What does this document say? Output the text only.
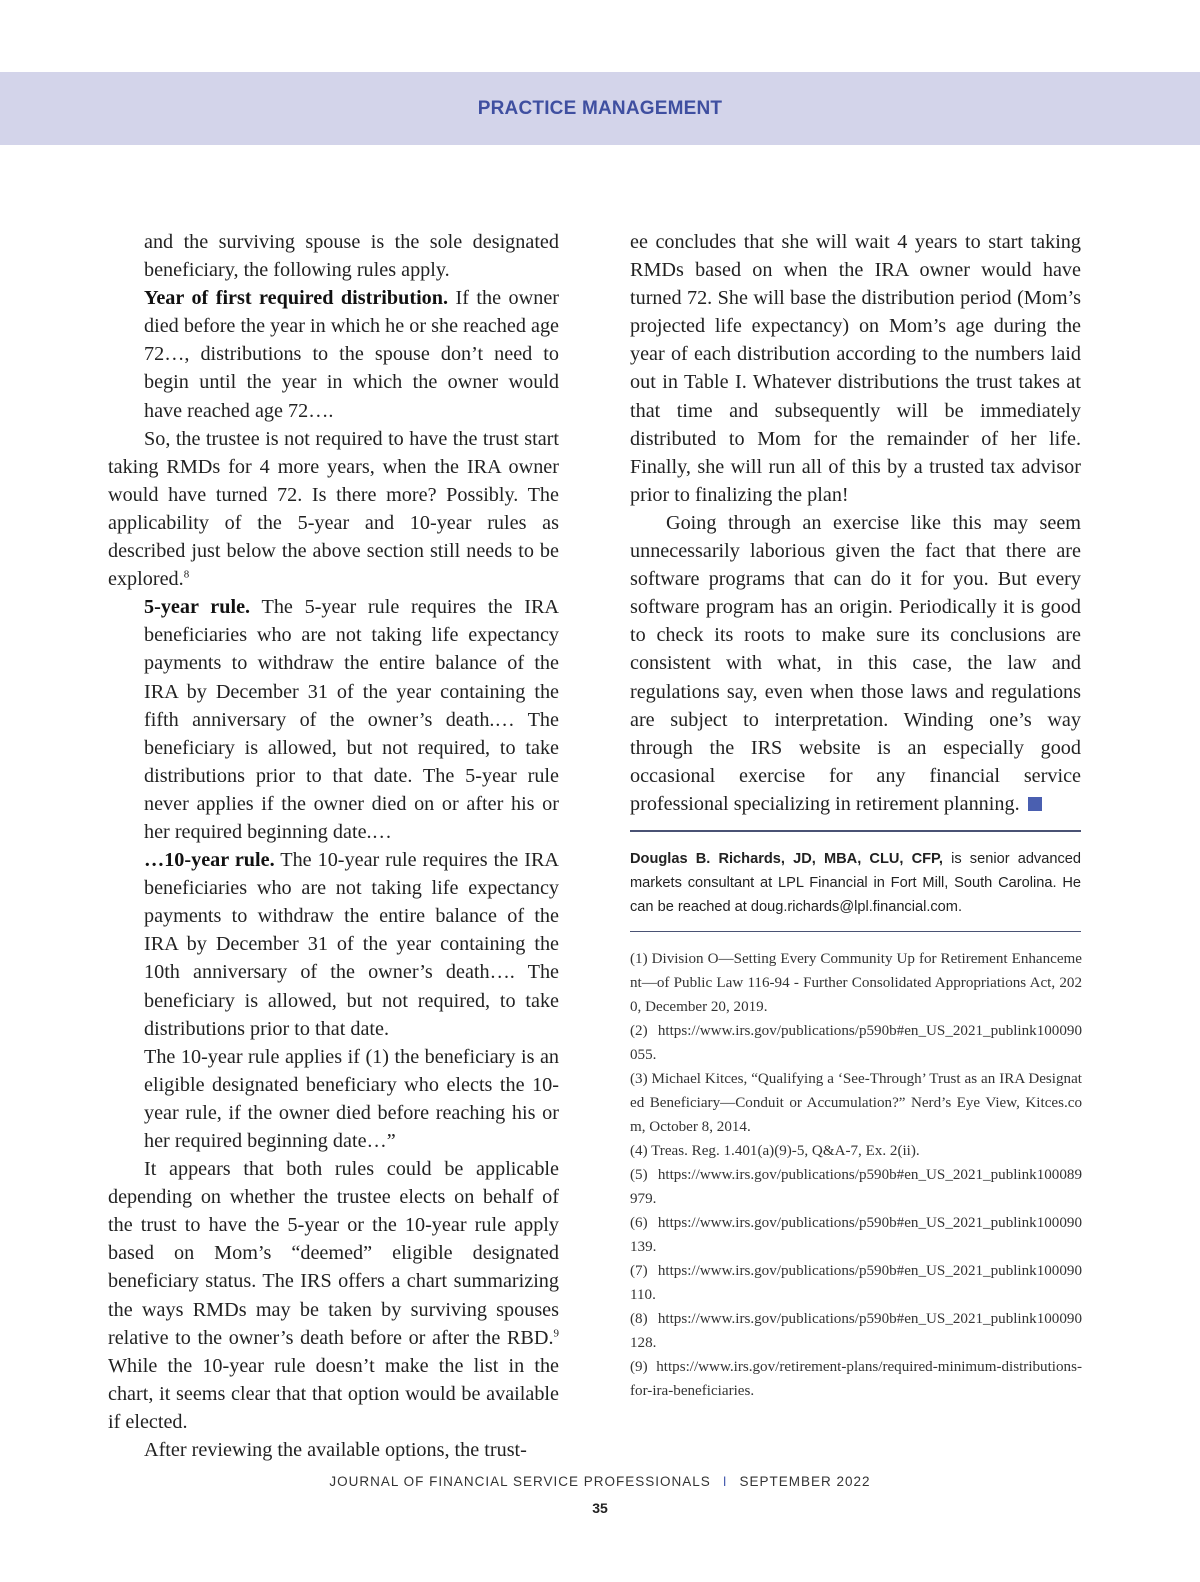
PRACTICE MANAGEMENT

and the surviving spouse is the sole designated beneficiary, the following rules apply.

Year of first required distribution. If the owner died before the year in which he or she reached age 72…, distributions to the spouse don’t need to begin until the year in which the owner would have reached age 72….

So, the trustee is not required to have the trust start taking RMDs for 4 more years, when the IRA owner would have turned 72. Is there more? Possibly. The applicability of the 5-year and 10-year rules as described just below the above section still needs to be explored.$^8$

5-year rule. The 5-year rule requires the IRA beneficiaries who are not taking life expectancy payments to withdraw the entire balance of the IRA by December 31 of the year containing the fifth anniversary of the owner’s death.… The beneficiary is allowed, but not required, to take distributions prior to that date. The 5-year rule never applies if the owner died on or after his or her required beginning date.…

…10-year rule. The 10-year rule requires the IRA beneficiaries who are not taking life expectancy payments to withdraw the entire balance of the IRA by December 31 of the year containing the 10th anniversary of the owner’s death…. The beneficiary is allowed, but not required, to take distributions prior to that date.

The 10-year rule applies if (1) the beneficiary is an eligible designated beneficiary who elects the 10-year rule, if the owner died before reaching his or her required beginning date…”

It appears that both rules could be applicable depending on whether the trustee elects on behalf of the trust to have the 5-year or the 10-year rule apply based on Mom’s “deemed” eligible designated beneficiary status. The IRS offers a chart summarizing the ways RMDs may be taken by surviving spouses relative to the owner’s death before or after the RBD.$^9$ While the 10-year rule doesn’t make the list in the chart, it seems clear that that option would be available if elected.

After reviewing the available options, the trust-

ee concludes that she will wait 4 years to start taking RMDs based on when the IRA owner would have turned 72. She will base the distribution period (Mom’s projected life expectancy) on Mom’s age during the year of each distribution according to the numbers laid out in Table I. Whatever distributions the trust takes at that time and subsequently will be immediately distributed to Mom for the remainder of her life. Finally, she will run all of this by a trusted tax advisor prior to finalizing the plan!

Going through an exercise like this may seem unnecessarily laborious given the fact that there are software programs that can do it for you. But every software program has an origin. Periodically it is good to check its roots to make sure its conclusions are consistent with what, in this case, the law and regulations say, even when those laws and regulations are subject to interpretation. Winding one’s way through the IRS website is an especially good occasional exercise for any financial service professional specializing in retirement planning.

Douglas B. Richards, JD, MBA, CLU, CFP, is senior advanced markets consultant at LPL Financial in Fort Mill, South Carolina. He can be reached at doug.richards@lpl.financial.com.
(1) Division O—Setting Every Community Up for Retirement Enhancement—of Public Law 116-94 - Further Consolidated Appropriations Act, 2020, December 20, 2019.
(2) https://www.irs.gov/publications/p590b#en_US_2021_publink100090055.
(3) Michael Kitces, “Qualifying a ‘See-Through’ Trust as an IRA Designated Beneficiary—Conduit or Accumulation?” Nerd’s Eye View, Kitces.com, October 8, 2014.
(4) Treas. Reg. 1.401(a)(9)-5, Q&A-7, Ex. 2(ii).
(5) https://www.irs.gov/publications/p590b#en_US_2021_publink100089979.
(6) https://www.irs.gov/publications/p590b#en_US_2021_publink100090139.
(7) https://www.irs.gov/publications/p590b#en_US_2021_publink100090110.
(8) https://www.irs.gov/publications/p590b#en_US_2021_publink100090128.
(9) https://www.irs.gov/retirement-plans/required-minimum-distributions-for-ira-beneficiaries.
JOURNAL OF FINANCIAL SERVICE PROFESSIONALS I SEPTEMBER 2022
35
